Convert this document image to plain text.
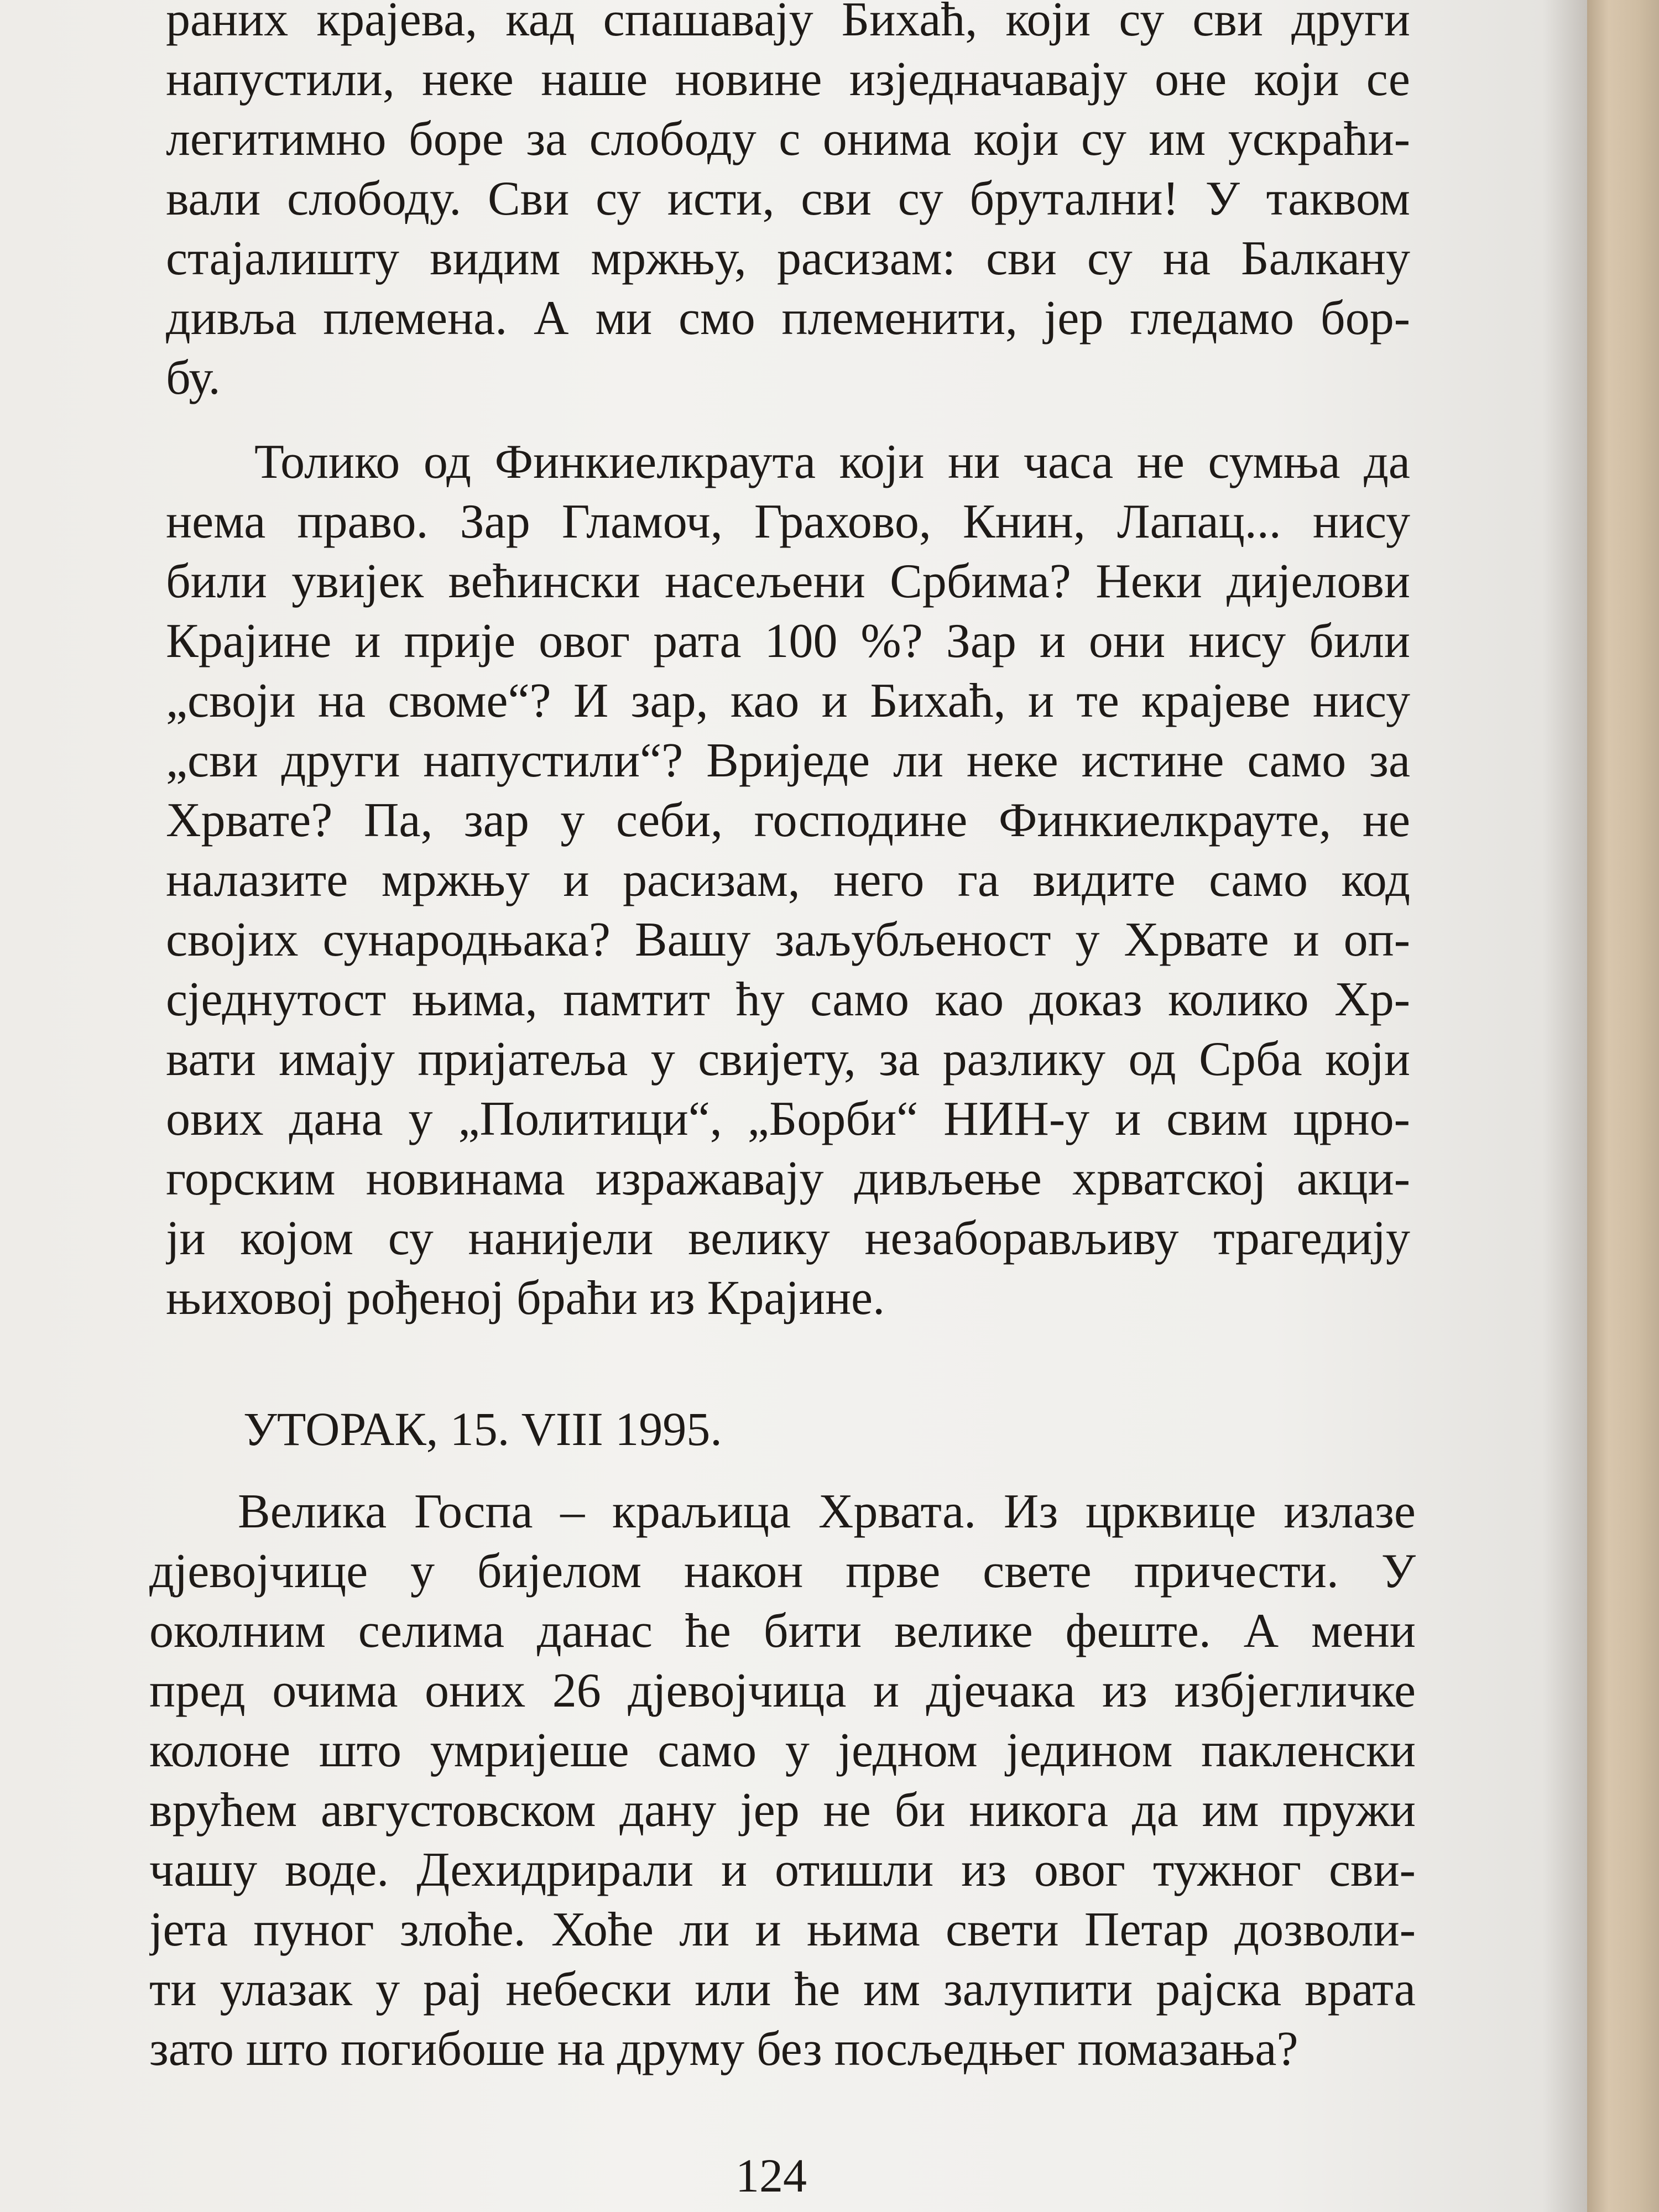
раних крајева, кад спашавају Бихаћ, који су сви други
напустили, неке наше новине изједначавају оне који се
легитимно боре за слободу с онима који су им ускраћи-
вали слободу. Сви су исти, сви су брутални! У таквом
стајалишту видим мржњу, расизам: сви су на Балкану
дивља племена. А ми смо племенити, јер гледамо бор-
бу.
Толико од Финкиелкраута који ни часа не сумња да
нема право. Зар Гламоч, Грахово, Книн, Лапац... нису
били увијек већински насељени Србима? Неки дијелови
Крајине и прије овог рата 100 %? Зар и они нису били
„своји на своме“? И зар, као и Бихаћ, и те крајеве нису
„сви други напустили“? Вриједе ли неке истине само за
Хрвате? Па, зар у себи, господине Финкиелкрауте, не
налазите мржњу и расизам, него га видите само код
својих сународњака? Вашу заљубљеност у Хрвате и оп-
сједнутост њима, памтит ћу само као доказ колико Хр-
вати имају пријатеља у свијету, за разлику од Срба који
ових дана у „Политици“, „Борби“ НИН-у и свим црно-
горским новинама изражавају дивљење хрватској акци-
ји којом су нанијели велику незаборављиву трагедију
њиховој рођеној браћи из Крајине.
УТОРАК, 15. VIII 1995.
Велика Госпа – краљица Хрвата. Из црквице излазе
дјевојчице у бијелом након прве свете причести. У
околним селима данас ће бити велике феште. А мени
пред очима оних 26 дјевојчица и дјечака из избјегличке
колоне што умријеше само у једном јединoм пакленски
врућем августовском дану јер не би никога да им пружи
чашу воде. Дехидрирали и отишли из овог тужног сви-
јета пуног злоће. Хоће ли и њима свети Петар дозволи-
ти улазак у рај небески или ће им залупити рајска врата
зато што погибоше на друму без посљедњег помазања?
124
